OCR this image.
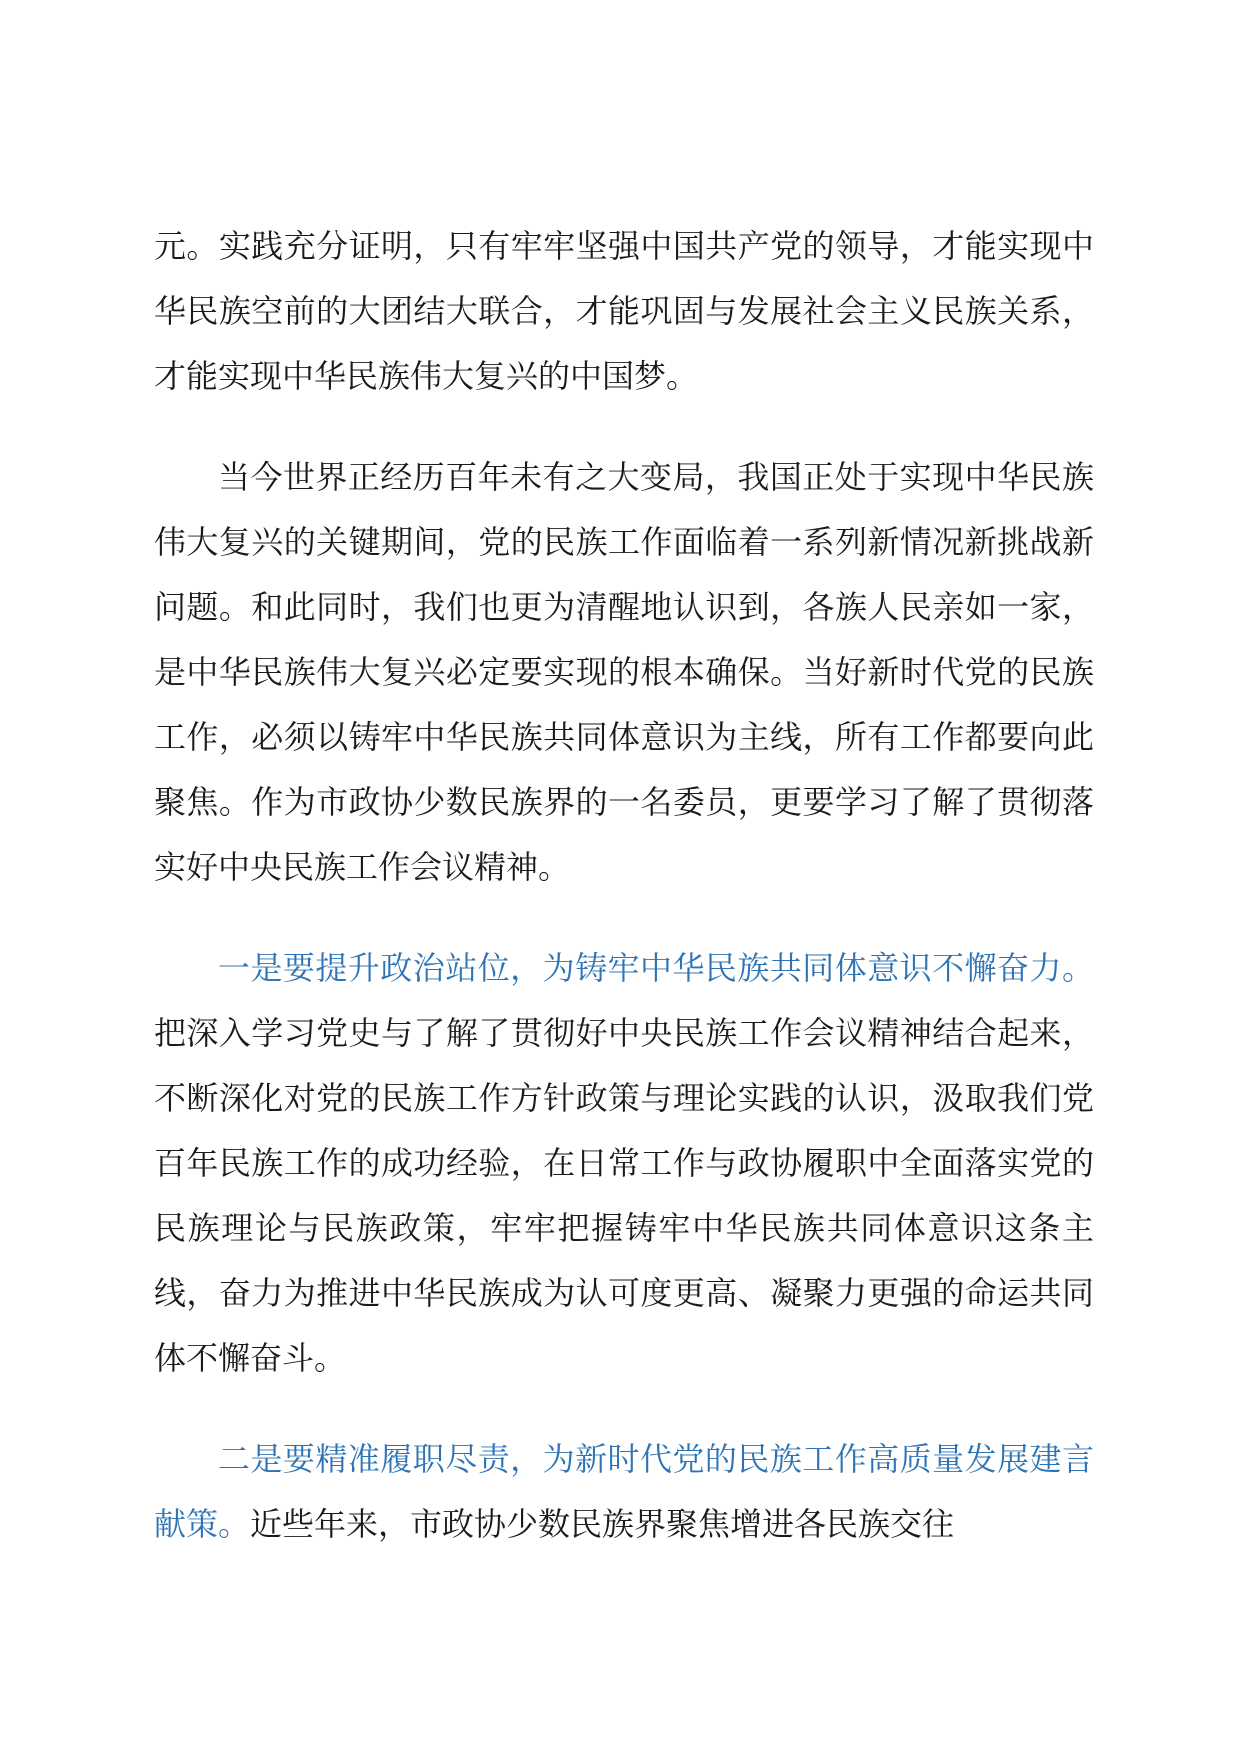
元。实践充分证明，只有牢牢坚强中国共产党的领导，才能实现中华民族空前的大团结大联合，才能巩固与发展社会主义民族关系，才能实现中华民族伟大复兴的中国梦。

当今世界正经历百年未有之大变局，我国正处于实现中华民族伟大复兴的关键期间，党的民族工作面临着一系列新情况新挑战新问题。和此同时，我们也更为清醒地认识到，各族人民亲如一家，是中华民族伟大复兴必定要实现的根本确保。当好新时代党的民族工作，必须以铸牢中华民族共同体意识为主线，所有工作都要向此聚焦。作为市政协少数民族界的一名委员，更要学习了解了贯彻落实好中央民族工作会议精神。

一是要提升政治站位，为铸牢中华民族共同体意识不懈奋力。把深入学习党史与了解了贯彻好中央民族工作会议精神结合起来，不断深化对党的民族工作方针政策与理论实践的认识，汲取我们党百年民族工作的成功经验，在日常工作与政协履职中全面落实党的民族理论与民族政策，牢牢把握铸牢中华民族共同体意识这条主线，奋力为推进中华民族成为认可度更高、凝聚力更强的命运共同体不懈奋斗。

二是要精准履职尽责，为新时代党的民族工作高质量发展建言献策。近些年来，市政协少数民族界聚焦增进各民族交往
